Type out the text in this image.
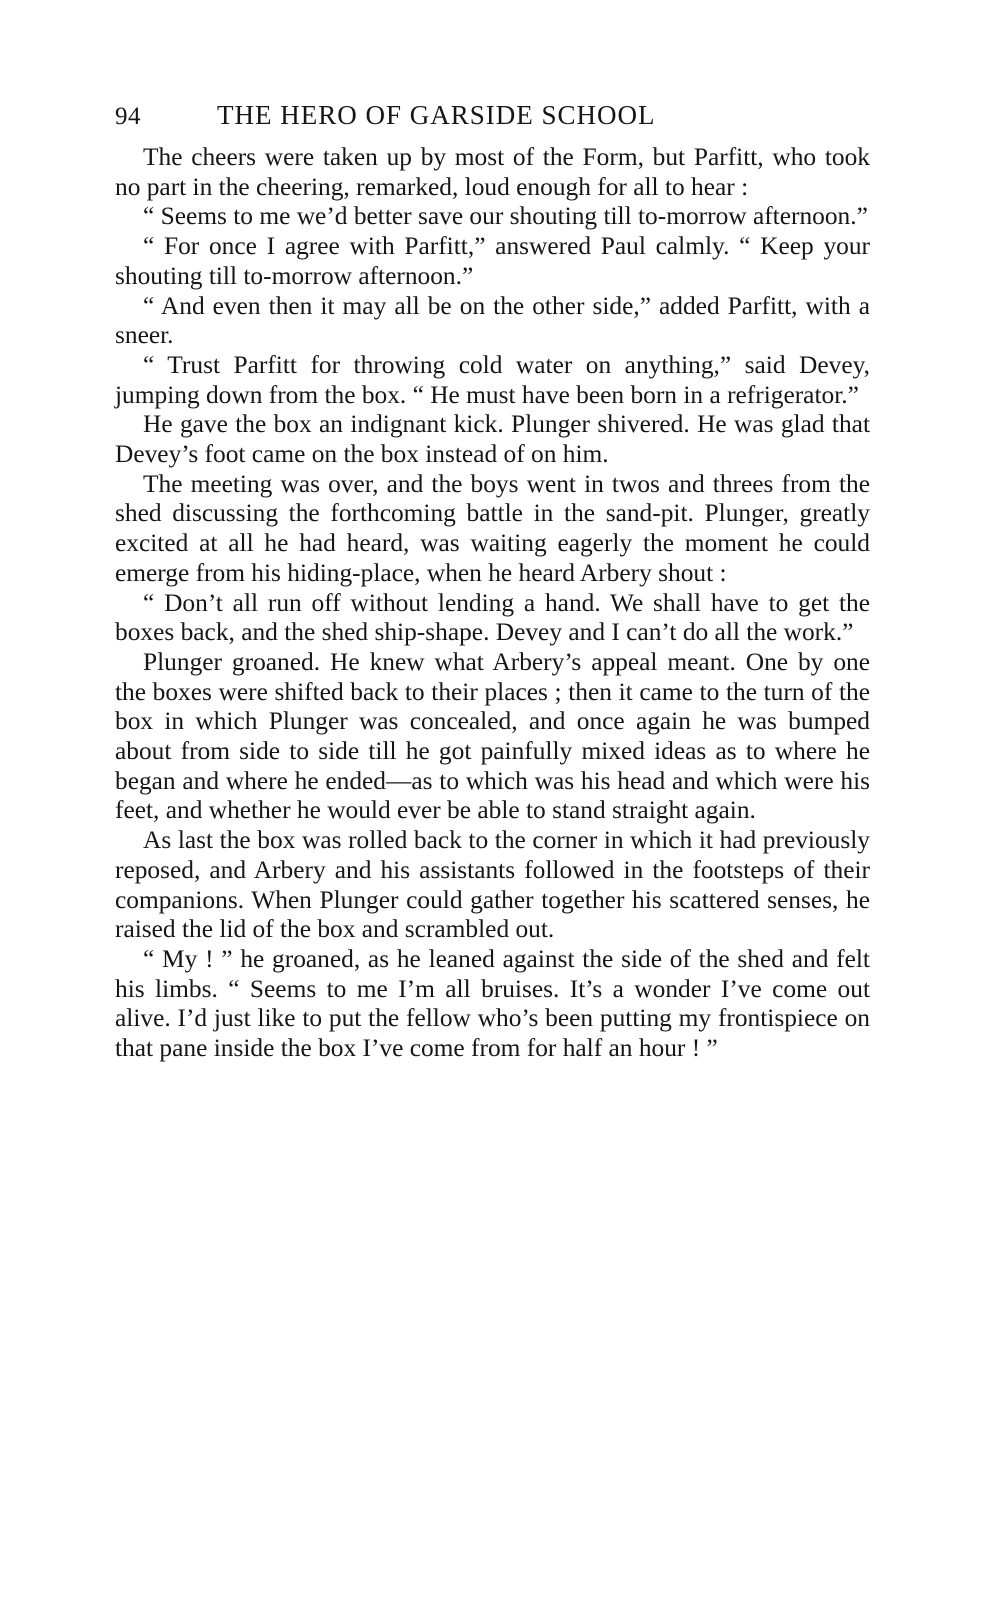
94	THE HERO OF GARSIDE SCHOOL

The cheers were taken up by most of the Form, but Parfitt, who took no part in the cheering, remarked, loud enough for all to hear :

“ Seems to me we’d better save our shouting till to-morrow afternoon.”

“ For once I agree with Parfitt,” answered Paul calmly. “ Keep your shouting till to-morrow afternoon.”

“ And even then it may all be on the other side,” added Parfitt, with a sneer.

“ Trust Parfitt for throwing cold water on anything,” said Devey, jumping down from the box. “ He must have been born in a refrigerator.”

He gave the box an indignant kick. Plunger shivered. He was glad that Devey’s foot came on the box instead of on him.

The meeting was over, and the boys went in twos and threes from the shed discussing the forthcoming battle in the sand-pit. Plunger, greatly excited at all he had heard, was waiting eagerly the moment he could emerge from his hiding-place, when he heard Arbery shout :

“ Don’t all run off without lending a hand. We shall have to get the boxes back, and the shed ship-shape. Devey and I can’t do all the work.”

Plunger groaned. He knew what Arbery’s appeal meant. One by one the boxes were shifted back to their places ; then it came to the turn of the box in which Plunger was concealed, and once again he was bumped about from side to side till he got painfully mixed ideas as to where he began and where he ended—as to which was his head and which were his feet, and whether he would ever be able to stand straight again.

As last the box was rolled back to the corner in which it had previously reposed, and Arbery and his assistants followed in the footsteps of their companions. When Plunger could gather together his scattered senses, he raised the lid of the box and scrambled out.

“ My ! ” he groaned, as he leaned against the side of the shed and felt his limbs. “ Seems to me I’m all bruises. It’s a wonder I’ve come out alive. I’d just like to put the fellow who’s been putting my frontispiece on that pane inside the box I’ve come from for half an hour ! ”
